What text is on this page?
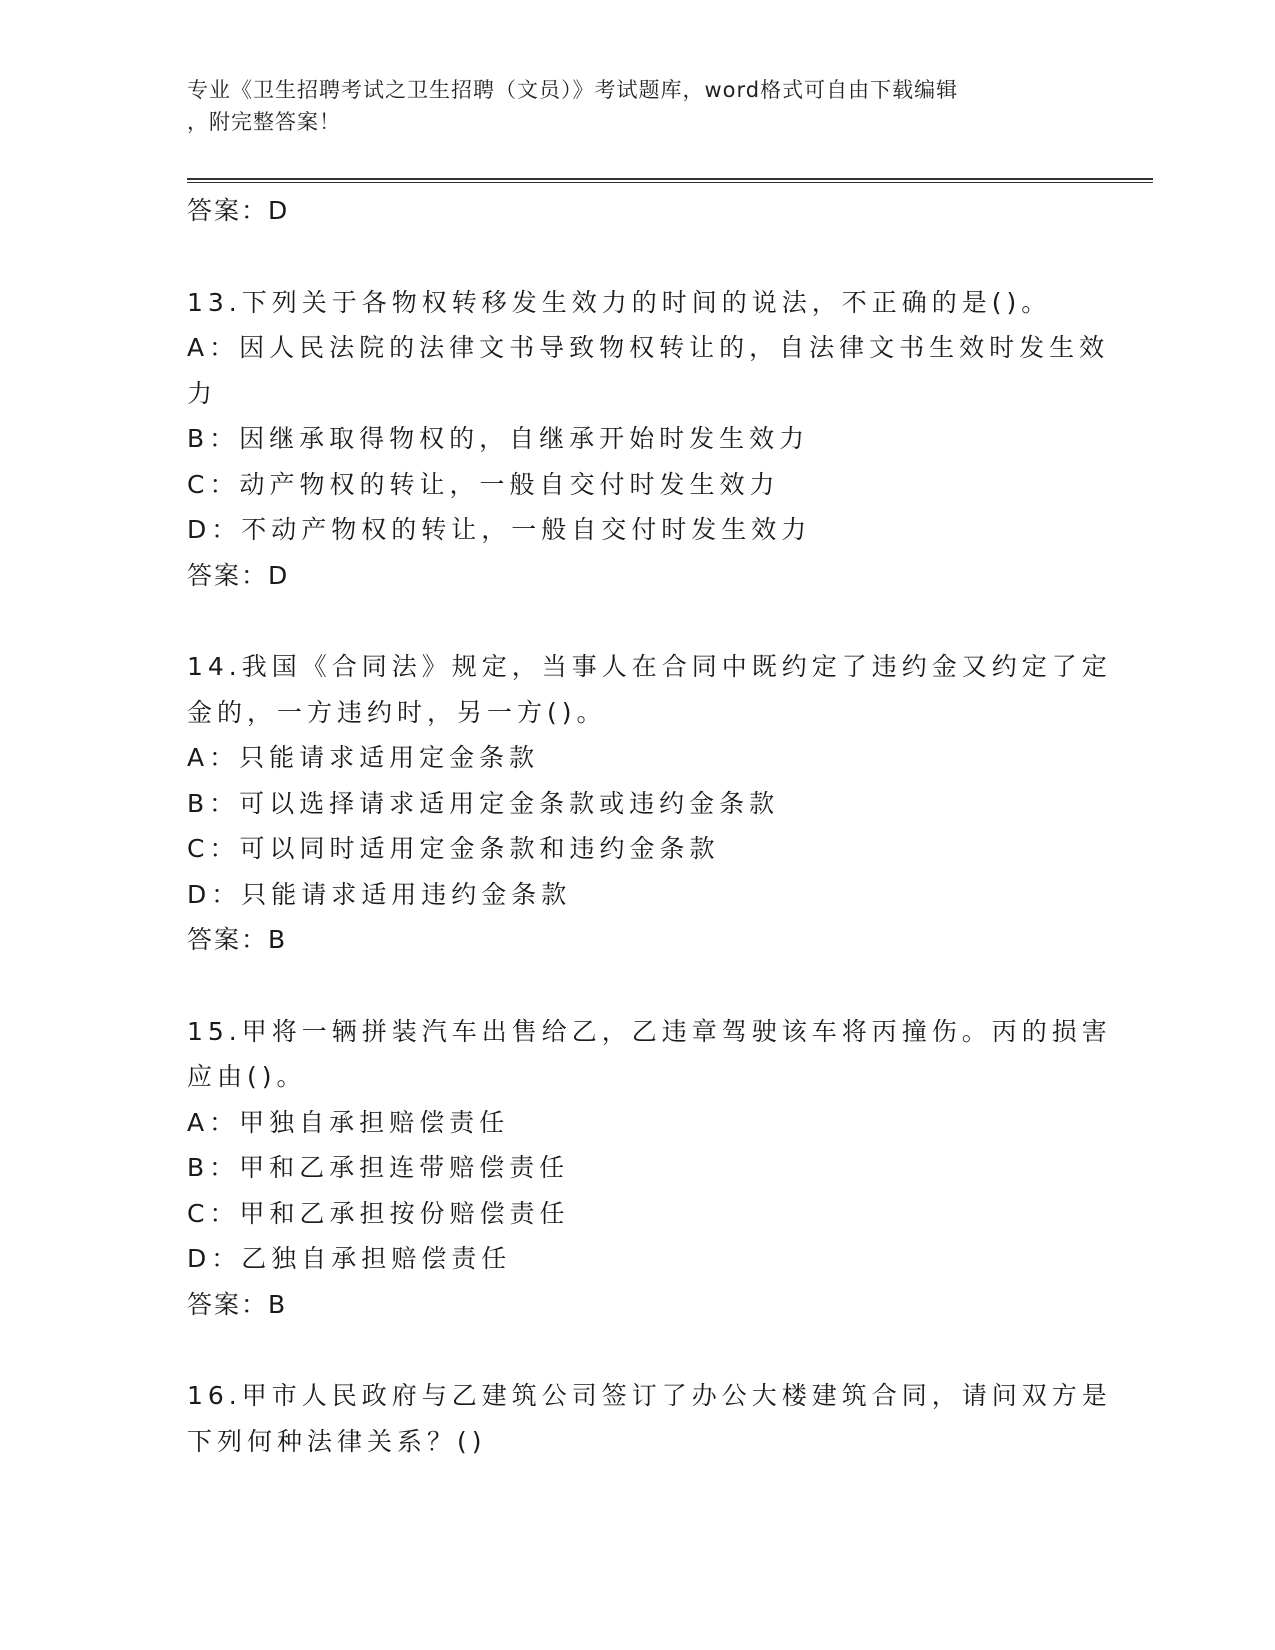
专业《卫生招聘考试之卫生招聘（文员）》考试题库，word格式可自由下载编辑
，附完整答案！
答案：D
13.下列关于各物权转移发生效力的时间的说法，不正确的是()。
A：因人民法院的法律文书导致物权转让的，自法律文书生效时发生效
力
B：因继承取得物权的，自继承开始时发生效力
C：动产物权的转让，一般自交付时发生效力
D：不动产物权的转让，一般自交付时发生效力
答案：D
14.我国《合同法》规定，当事人在合同中既约定了违约金又约定了定
金的，一方违约时，另一方()。
A：只能请求适用定金条款
B：可以选择请求适用定金条款或违约金条款
C：可以同时适用定金条款和违约金条款
D：只能请求适用违约金条款
答案：B
15.甲将一辆拼装汽车出售给乙，乙违章驾驶该车将丙撞伤。丙的损害
应由()。
A：甲独自承担赔偿责任
B：甲和乙承担连带赔偿责任
C：甲和乙承担按份赔偿责任
D：乙独自承担赔偿责任
答案：B
16.甲市人民政府与乙建筑公司签订了办公大楼建筑合同，请问双方是
下列何种法律关系？()
